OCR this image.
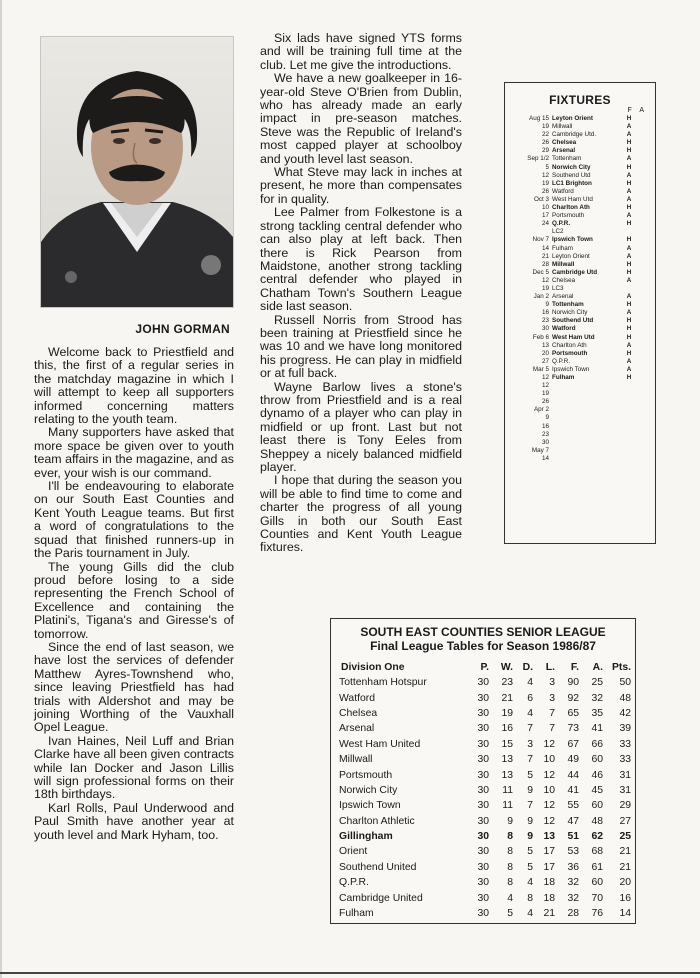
JOHN GORMAN

Welcome back to Priestfield and this, the first of a regular series in the matchday magazine in which I will attempt to keep all supporters informed concerning matters relating to the youth team.

Many supporters have asked that more space be given over to youth team affairs in the magazine, and as ever, your wish is our command.

I'll be endeavouring to elaborate on our South East Counties and Kent Youth League teams. But first a word of congratulations to the squad that finished runners-up in the Paris tournament in July.

The young Gills did the club proud before losing to a side representing the French School of Excellence and containing the Platini's, Tigana's and Giresse's of tomorrow.

Since the end of last season, we have lost the services of defender Matthew Ayres-Townshend who, since leaving Priestfield has had trials with Aldershot and may be joining Worthing of the Vauxhall Opel League.

Ivan Haines, Neil Luff and Brian Clarke have all been given contracts while Ian Docker and Jason Lillis will sign professional forms on their 18th birthdays.

Karl Rolls, Paul Underwood and Paul Smith have another year at youth level and Mark Hyham, too.

Six lads have signed YTS forms and will be training full time at the club. Let me give the introductions.

We have a new goalkeeper in 16-year-old Steve O'Brien from Dublin, who has already made an early impact in pre-season matches. Steve was the Republic of Ireland's most capped player at schoolboy and youth level last season.

What Steve may lack in inches at present, he more than compensates for in quality.

Lee Palmer from Folkestone is a strong tackling central defender who can also play at left back. Then there is Rick Pearson from Maidstone, another strong tackling central defender who played in Chatham Town's Southern League side last season.

Russell Norris from Strood has been training at Priestfield since he was 10 and we have long monitored his progress. He can play in midfield or at full back.

Wayne Barlow lives a stone's throw from Priestfield and is a real dynamo of a player who can play in midfield or up front. Last but not least there is Tony Eeles from Sheppey a nicely balanced midfield player.

I hope that during the season you will be able to find time to come and charter the progress of all young Gills in both our South East Counties and Kent Youth League fixtures.

FIXTURES
F A
Aug 15 Leyton Orient	H
19 Millwall	A
22 Cambridge Utd.	A
26 Chelsea	H
29 Arsenal	H
Sep 1/2 Tottenham	A
5 Norwich City	H
12 Southend Utd	A
19 LC1 Brighton	H
26 Watford	A
Oct 3 West Ham Utd	A
10 Charlton Ath	H
17 Portsmouth	A
24 Q.P.R.	H
LC2
Nov 7 Ipswich Town	H
14 Fulham	A
21 Leyton Orient	A
28 Millwall	H
Dec 5 Cambridge Utd	H
12 Chelsea	A
19 LC3
Jan 2 Arsenal	A
9 Tottenham	H
16 Norwich City	A
23 Southend Utd	H
30 Watford	H
Feb 6 West Ham Utd	H
13 Charlton Ath	A
20 Portsmouth	H
27 Q.P.R.	A
Mar 5 Ipswich Town	A
12 Fulham	H
12
19
26
Apr 2
9
16
23
30
May 7
14
SOUTH EAST COUNTIES SENIOR LEAGUE
Final League Tables for Season 1986/87
Division One	P.	W.	D.	L.	F.	A.	Pts.
Tottenham Hotspur	30	23	4	3	90	25	50
Watford	30	21	6	3	92	32	48
Chelsea	30	19	4	7	65	35	42
Arsenal	30	16	7	7	73	41	39
West Ham United	30	15	3	12	67	66	33
Millwall	30	13	7	10	49	60	33
Portsmouth	30	13	5	12	44	46	31
Norwich City	30	11	9	10	41	45	31
Ipswich Town	30	11	7	12	55	60	29
Charlton Athletic	30	9	9	12	47	48	27
Gillingham	30	8	9	13	51	62	25
Orient	30	8	5	17	53	68	21
Southend United	30	8	5	17	36	61	21
Q.P.R.	30	8	4	18	32	60	20
Cambridge United	30	4	8	18	32	70	16
Fulham	30	5	4	21	28	76	14
